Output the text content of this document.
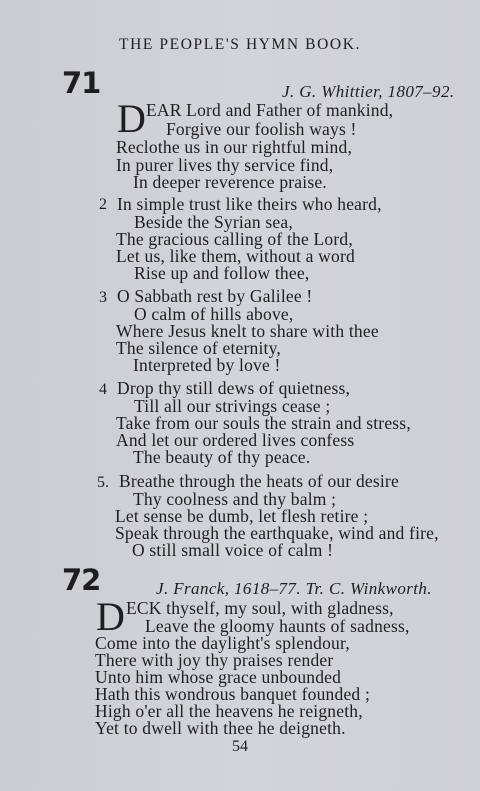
THE PEOPLE'S HYMN BOOK.
71	J. G. Whittier, 1807–92.
D EAR Lord and Father of mankind,
Forgive our foolish ways !
Reclothe us in our rightful mind,
In purer lives thy service find,
In deeper reverence praise.
2 In simple trust like theirs who heard,
Beside the Syrian sea,
The gracious calling of the Lord,
Let us, like them, without a word
Rise up and follow thee,
3 O Sabbath rest by Galilee !
O calm of hills above,
Where Jesus knelt to share with thee
The silence of eternity,
Interpreted by love !
4 Drop thy still dews of quietness,
Till all our strivings cease ;
Take from our souls the strain and stress,
And let our ordered lives confess
The beauty of thy peace.
5. Breathe through the heats of our desire
Thy coolness and thy balm ;
Let sense be dumb, let flesh retire ;
Speak through the earthquake, wind and fire,
O still small voice of calm !
72	J. Franck, 1618–77. Tr. C. Winkworth.
D ECK thyself, my soul, with gladness,
Leave the gloomy haunts of sadness,
Come into the daylight's splendour,
There with joy thy praises render
Unto him whose grace unbounded
Hath this wondrous banquet founded ;
High o'er all the heavens he reigneth,
Yet to dwell with thee he deigneth.
54
